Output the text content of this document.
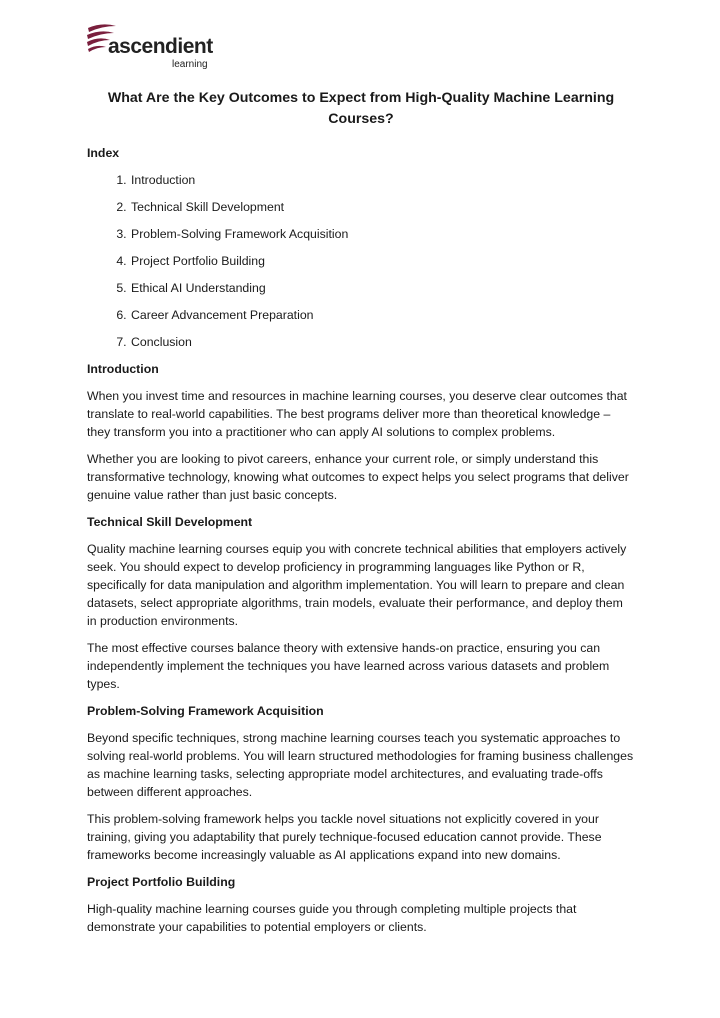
ascendient
learning
What Are the Key Outcomes to Expect from High-Quality Machine Learning Courses?
Index
1. Introduction
2. Technical Skill Development
3. Problem-Solving Framework Acquisition
4. Project Portfolio Building
5. Ethical AI Understanding
6. Career Advancement Preparation
7. Conclusion
Introduction

When you invest time and resources in machine learning courses, you deserve clear outcomes that translate to real-world capabilities. The best programs deliver more than theoretical knowledge – they transform you into a practitioner who can apply AI solutions to complex problems.

Whether you are looking to pivot careers, enhance your current role, or simply understand this transformative technology, knowing what outcomes to expect helps you select programs that deliver genuine value rather than just basic concepts.

Technical Skill Development

Quality machine learning courses equip you with concrete technical abilities that employers actively seek. You should expect to develop proficiency in programming languages like Python or R, specifically for data manipulation and algorithm implementation. You will learn to prepare and clean datasets, select appropriate algorithms, train models, evaluate their performance, and deploy them in production environments.

The most effective courses balance theory with extensive hands-on practice, ensuring you can independently implement the techniques you have learned across various datasets and problem types.

Problem-Solving Framework Acquisition

Beyond specific techniques, strong machine learning courses teach you systematic approaches to solving real-world problems. You will learn structured methodologies for framing business challenges as machine learning tasks, selecting appropriate model architectures, and evaluating trade-offs between different approaches.

This problem-solving framework helps you tackle novel situations not explicitly covered in your training, giving you adaptability that purely technique-focused education cannot provide. These frameworks become increasingly valuable as AI applications expand into new domains.

Project Portfolio Building

High-quality machine learning courses guide you through completing multiple projects that demonstrate your capabilities to potential employers or clients.
